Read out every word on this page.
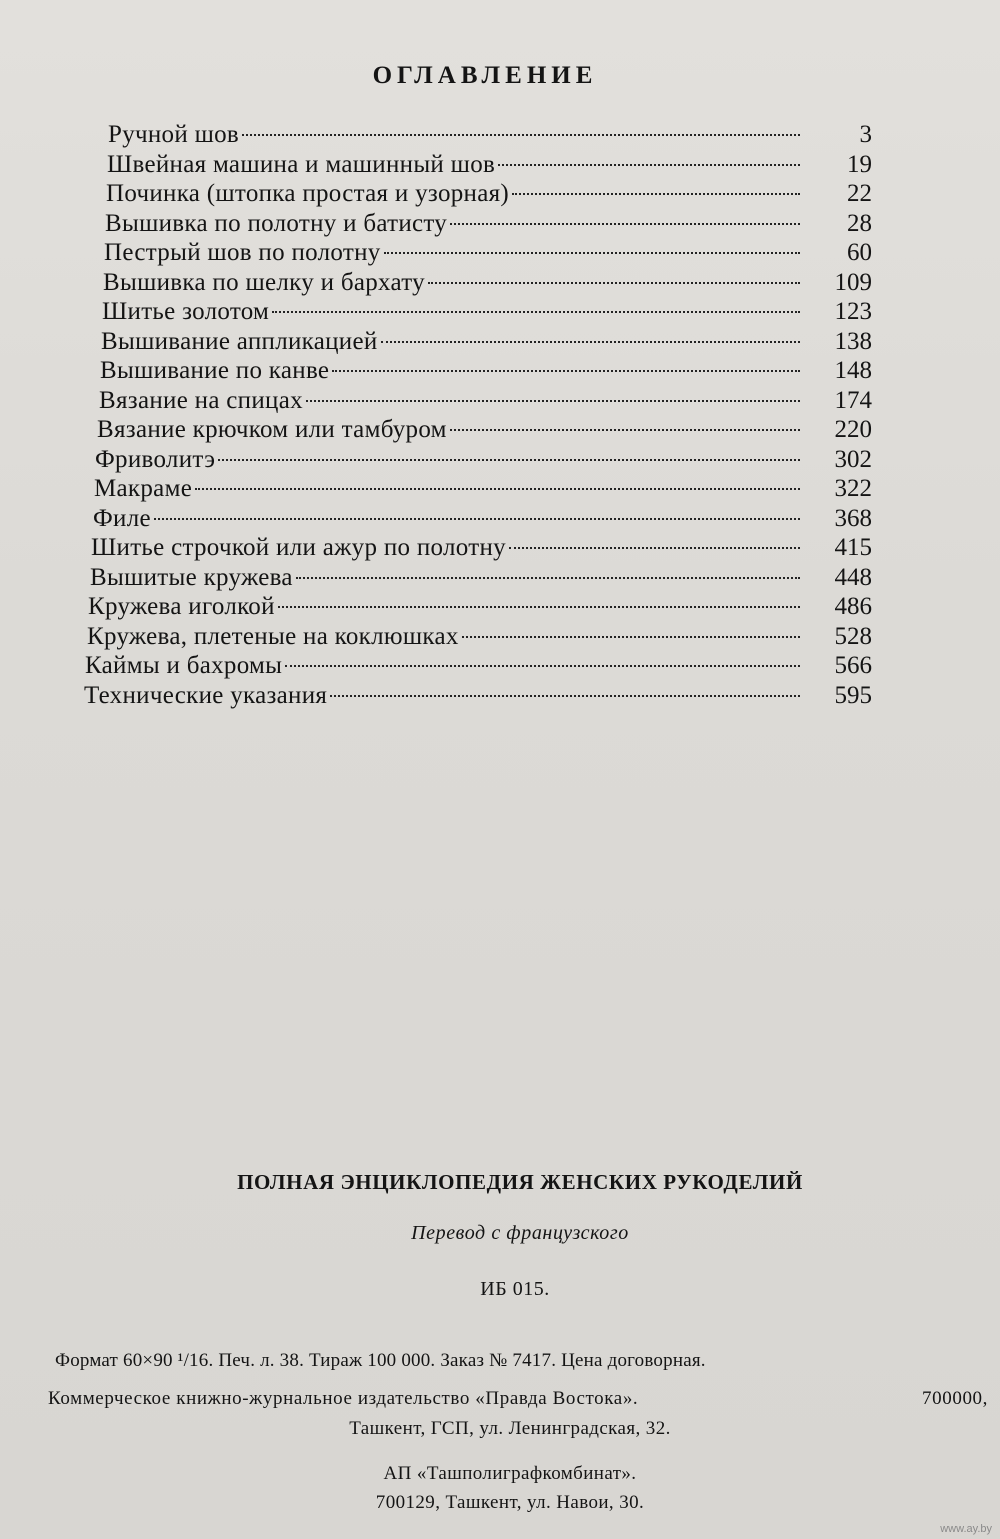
ОГЛАВЛЕНИЕ
Ручной шов	3
Швейная машина и машинный шов	19
Починка (штопка простая и узорная)	22
Вышивка по полотну и батисту	28
Пестрый шов по полотну	60
Вышивка по шелку и бархату	109
Шитье золотом	123
Вышивание аппликацией	138
Вышивание по канве	148
Вязание на спицах	174
Вязание крючком или тамбуром	220
Фриволитэ	302
Макраме	322
Филе	368
Шитье строчкой или ажур по полотну	415
Вышитые кружева	448
Кружева иголкой	486
Кружева, плетеные на коклюшках	528
Каймы и бахромы	566
Технические указания	595
ПОЛНАЯ ЭНЦИКЛОПЕДИЯ ЖЕНСКИХ РУКОДЕЛИЙ
Перевод с французского
ИБ 015.
Формат 60×90 ¹/16. Печ. л. 38. Тираж 100 000. Заказ № 7417. Цена договорная.
Коммерческое книжно-журнальное издательство «Правда Востока».	700000,
Ташкент, ГСП, ул. Ленинградская, 32.
АП «Ташполиграфкомбинат».
700129, Ташкент, ул. Навои, 30.
www.ay.by
